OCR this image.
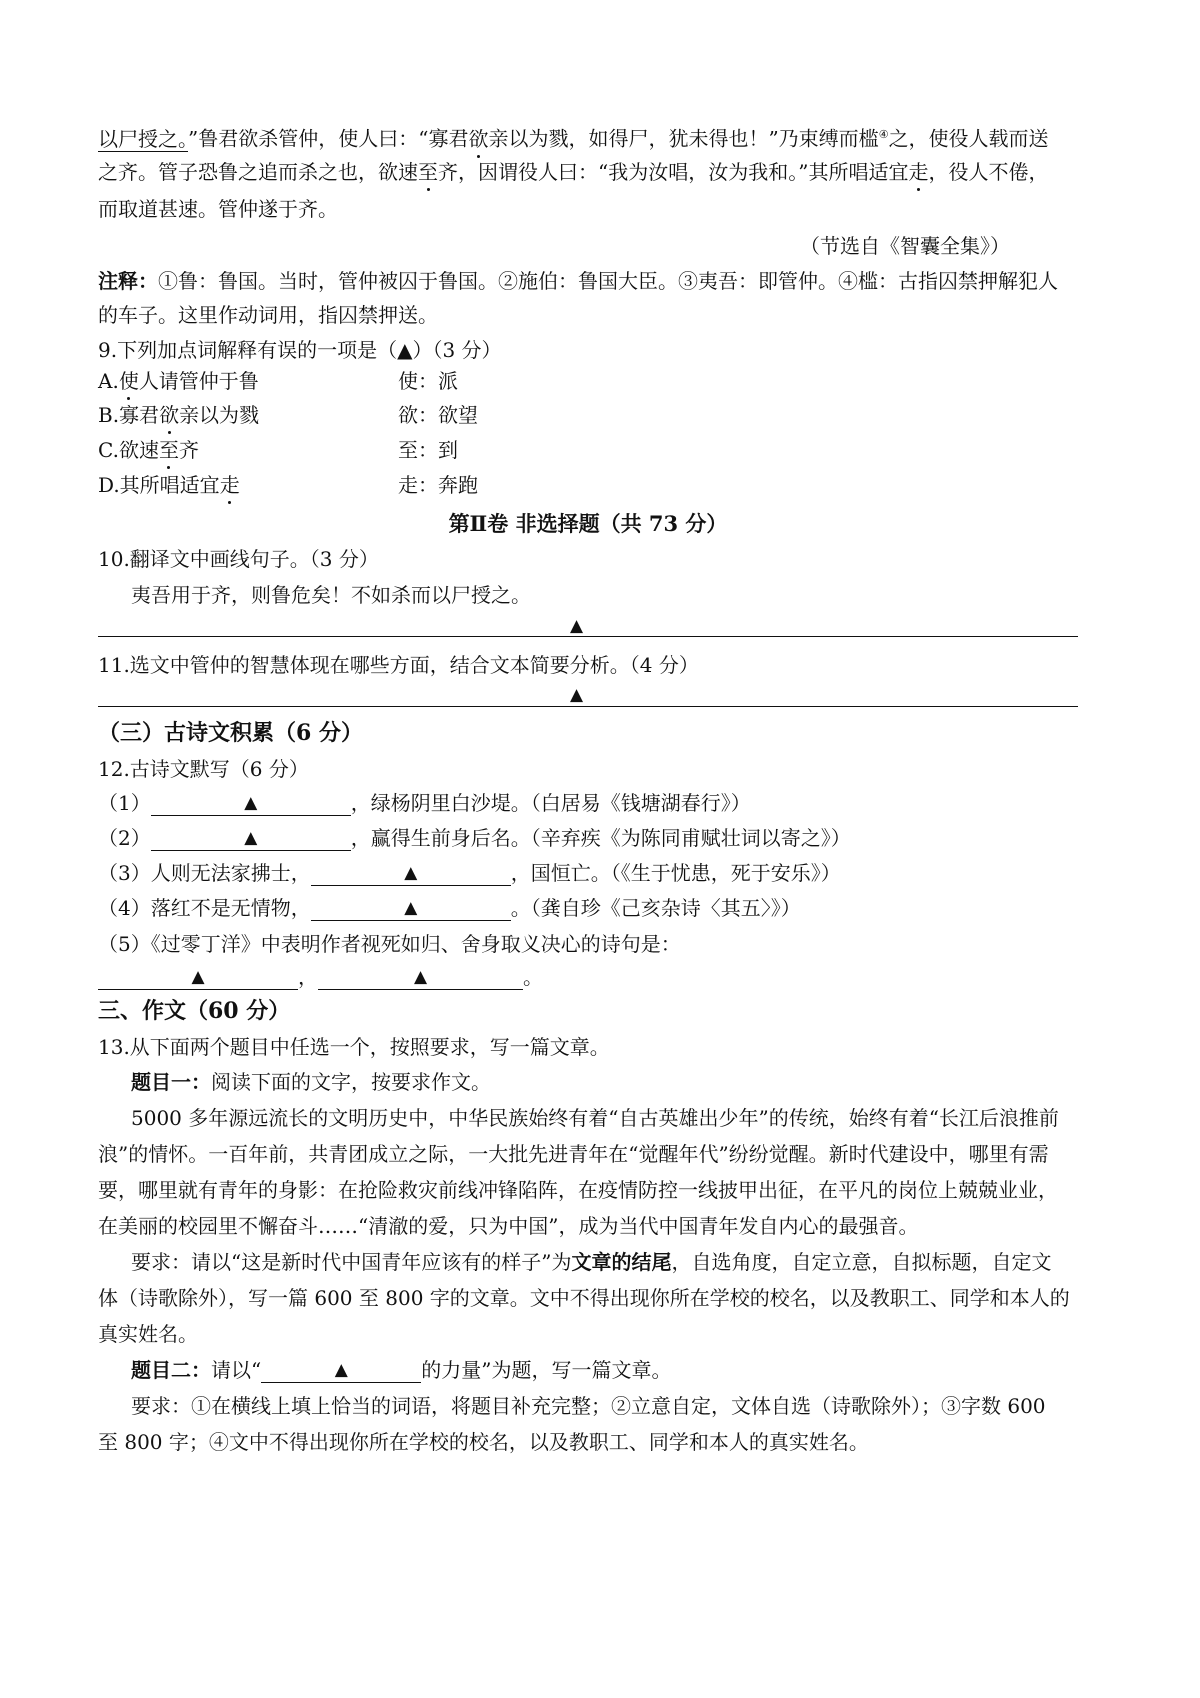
以尸授之。”鲁君欲杀管仲，使人曰：“寡君欲亲以为戮，如得尸，犹未得也！”乃束缚而槛④之，使役人载而送
之齐。管子恐鲁之追而杀之也，欲速至齐，因谓役人曰：“我为汝唱，汝为我和。”其所唱适宜走，役人不倦，
而取道甚速。管仲遂于齐。
（节选自《智囊全集》）
注释：①鲁：鲁国。当时，管仲被囚于鲁国。②施伯：鲁国大臣。③夷吾：即管仲。④槛：古指囚禁押解犯人
的车子。这里作动词用，指囚禁押送。
9.下列加点词解释有误的一项是（▲）（3 分）
A.使人请管仲于鲁	使：派
B.寡君欲亲以为戮	欲：欲望
C.欲速至齐	至：到
D.其所唱适宜走	走：奔跑
第Ⅱ卷 非选择题（共 73 分）
10.翻译文中画线句子。（3 分）
夷吾用于齐，则鲁危矣！不如杀而以尸授之。
▲
11.选文中管仲的智慧体现在哪些方面，结合文本简要分析。（4 分）
▲
（三）古诗文积累（6 分）
12.古诗文默写（6 分）
（1）	▲	，绿杨阴里白沙堤。（白居易《钱塘湖春行》）
（2）	▲	，赢得生前身后名。（辛弃疾《为陈同甫赋壮词以寄之》）
（3）人则无法家拂士，	▲	，国恒亡。（《生于忧患，死于安乐》）
（4）落红不是无情物，	▲	。（龚自珍《己亥杂诗〈其五〉》）
（5）《过零丁洋》中表明作者视死如归、舍身取义决心的诗句是：
▲	，	▲	。
三、作文（60 分）
13.从下面两个题目中任选一个，按照要求，写一篇文章。
题目一：阅读下面的文字，按要求作文。
5000 多年源远流长的文明历史中，中华民族始终有着“自古英雄出少年”的传统，始终有着“长江后浪推前
浪”的情怀。一百年前，共青团成立之际，一大批先进青年在“觉醒年代”纷纷觉醒。新时代建设中，哪里有需
要，哪里就有青年的身影：在抢险救灾前线冲锋陷阵，在疫情防控一线披甲出征，在平凡的岗位上兢兢业业，
在美丽的校园里不懈奋斗……“清澈的爱，只为中国”，成为当代中国青年发自内心的最强音。
要求：请以“这是新时代中国青年应该有的样子”为文章的结尾，自选角度，自定立意，自拟标题，自定文
体（诗歌除外），写一篇 600 至 800 字的文章。文中不得出现你所在学校的校名，以及教职工、同学和本人的
真实姓名。
题目二：请以“	▲	的力量”为题，写一篇文章。
要求：①在横线上填上恰当的词语，将题目补充完整；②立意自定，文体自选（诗歌除外）；③字数 600
至 800 字；④文中不得出现你所在学校的校名，以及教职工、同学和本人的真实姓名。
